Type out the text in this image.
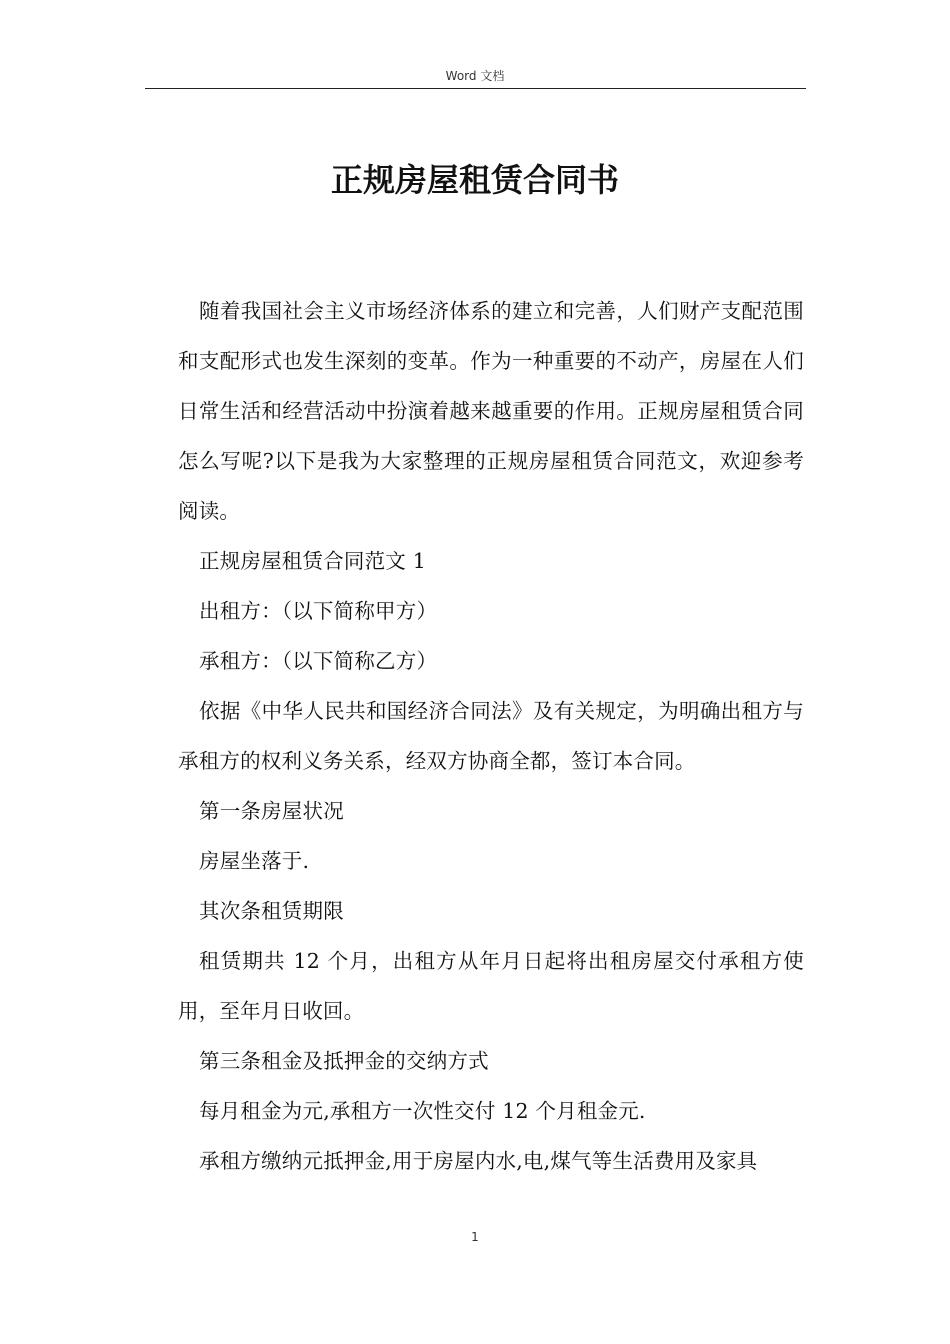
Word 文档
正规房屋租赁合同书

随着我国社会主义市场经济体系的建立和完善，人们财产支配范围和支配形式也发生深刻的变革。作为一种重要的不动产，房屋在人们日常生活和经营活动中扮演着越来越重要的作用。正规房屋租赁合同怎么写呢?以下是我为大家整理的正规房屋租赁合同范文，欢迎参考阅读。

正规房屋租赁合同范文 1

出租方：（以下简称甲方）

承租方：（以下简称乙方）

依据《中华人民共和国经济合同法》及有关规定，为明确出租方与承租方的权利义务关系，经双方协商全都，签订本合同。

第一条房屋状况

房屋坐落于.

其次条租赁期限

租赁期共 12 个月，出租方从年月日起将出租房屋交付承租方使用，至年月日收回。

第三条租金及抵押金的交纳方式

每月租金为元,承租方一次性交付 12 个月租金元.

承租方缴纳元抵押金,用于房屋内水,电,煤气等生活费用及家具

1
